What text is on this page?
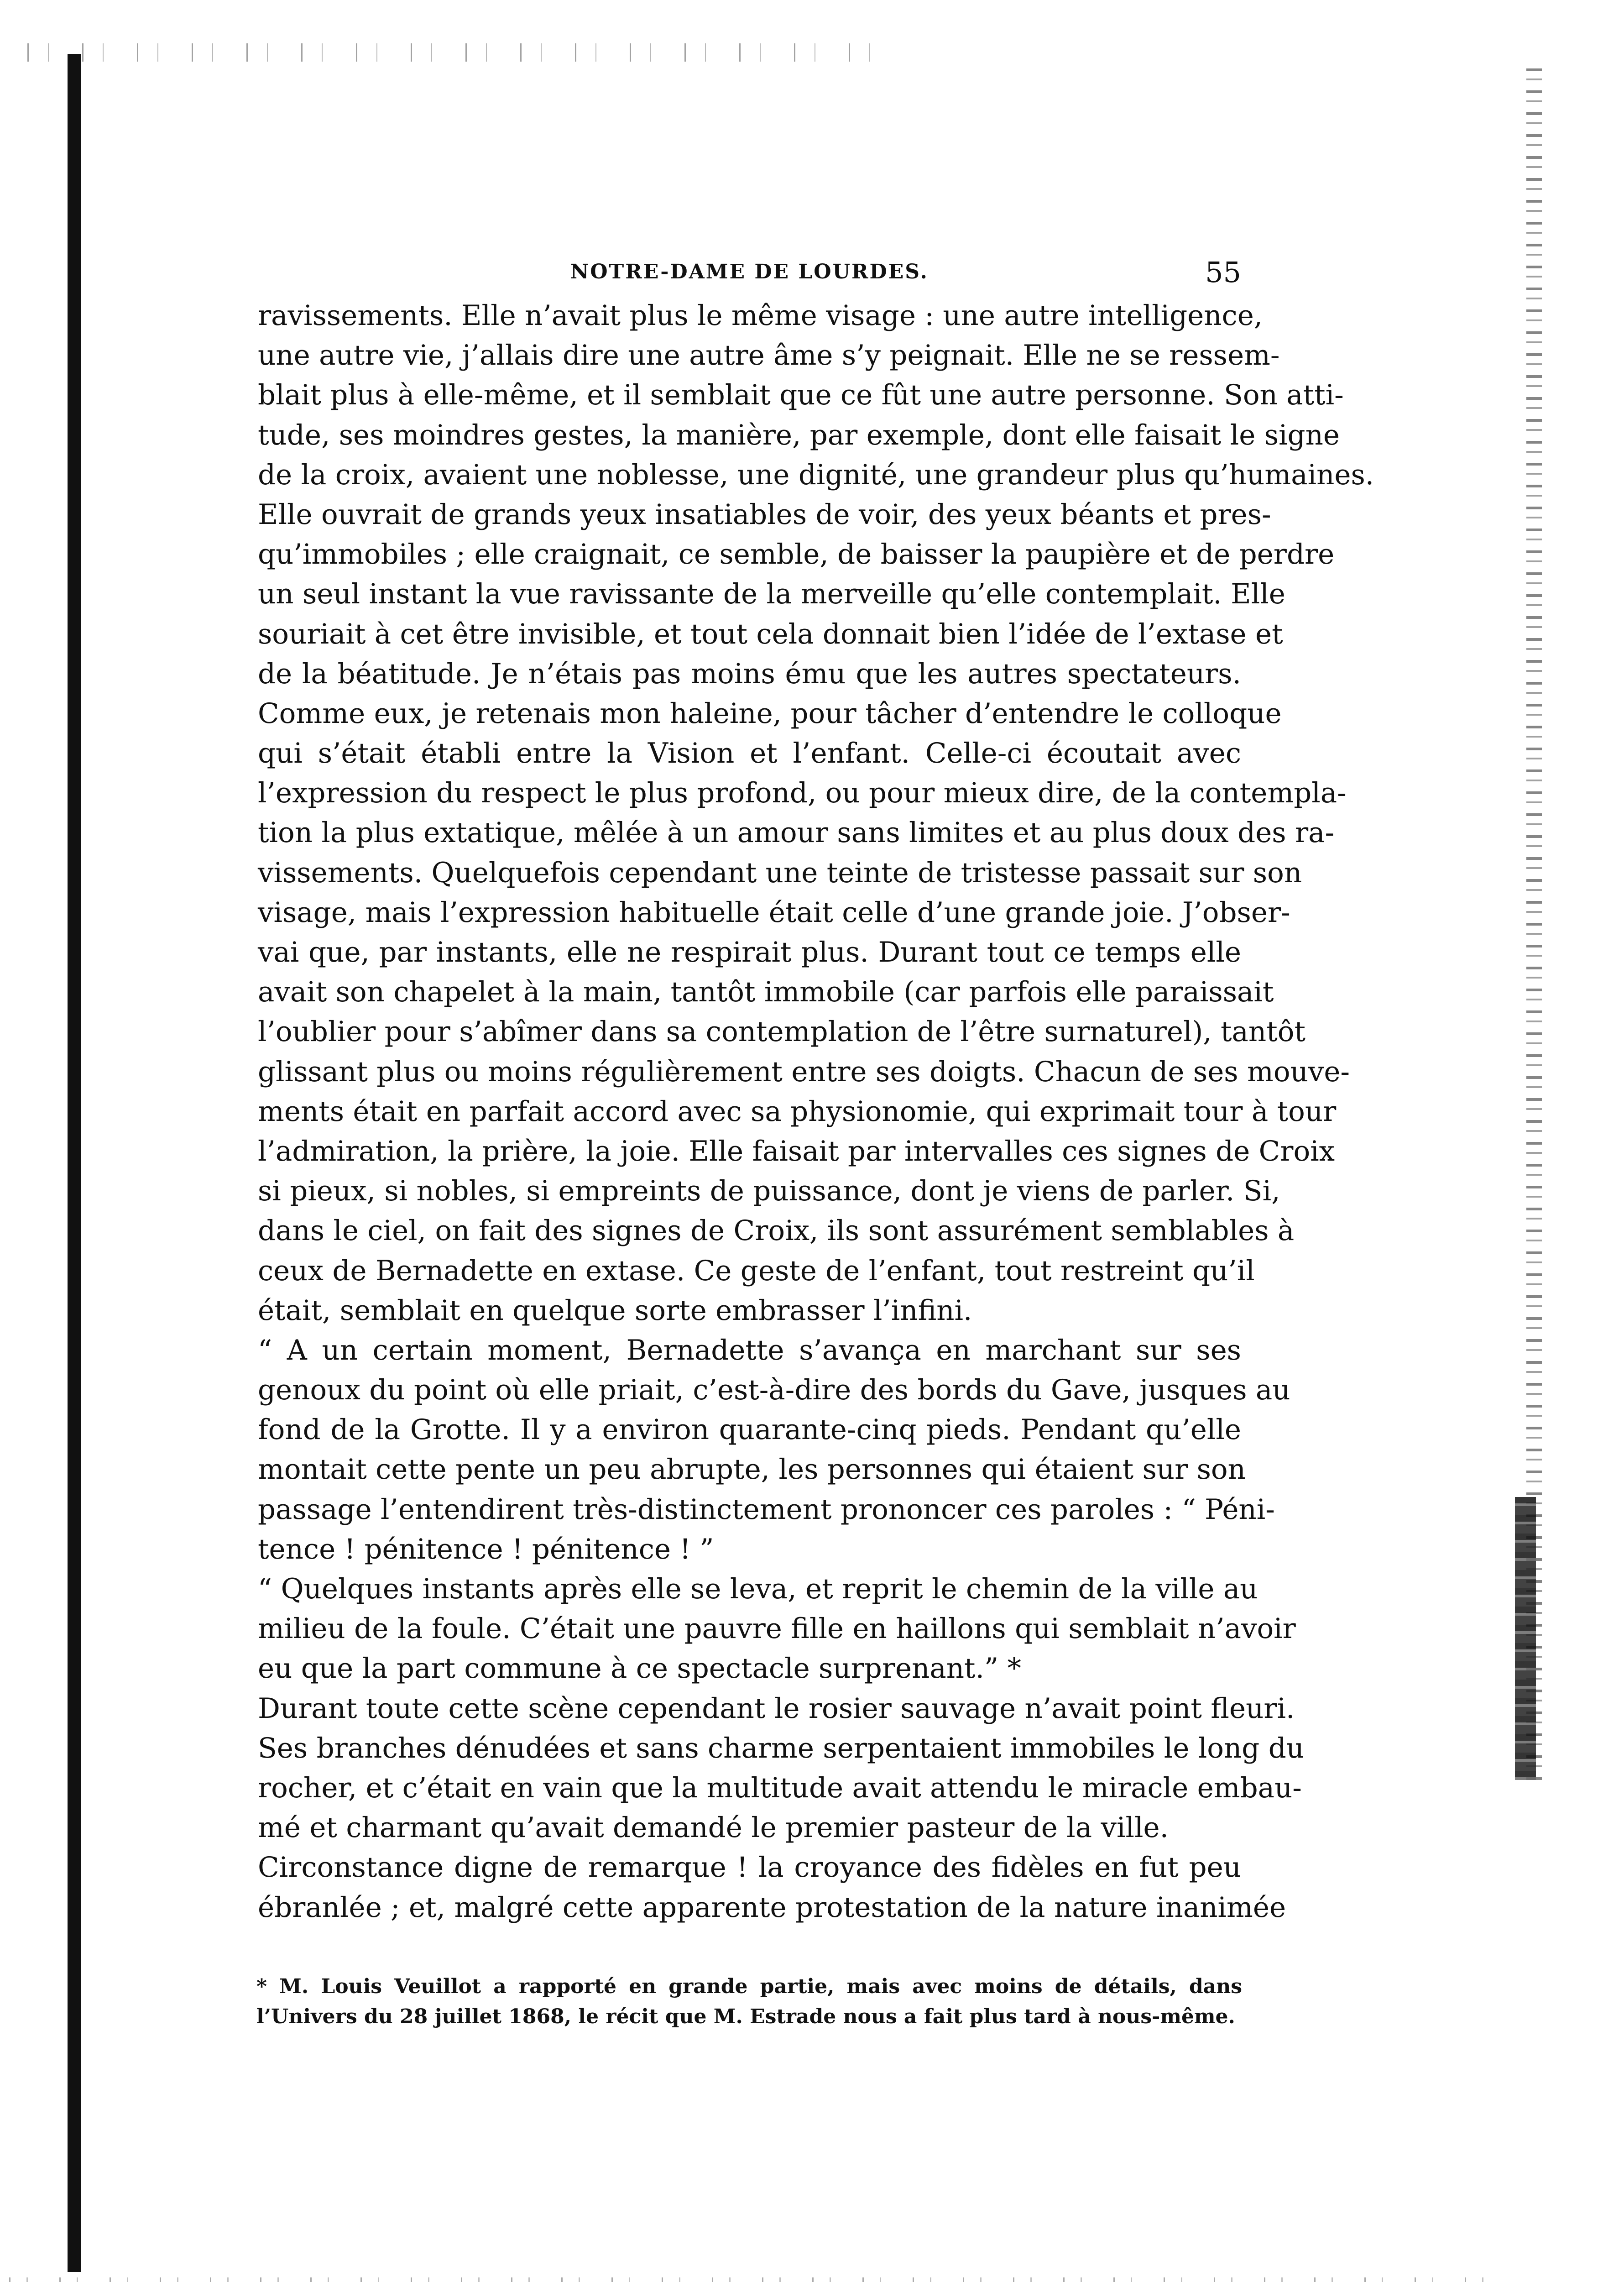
NOTRE-DAME DE LOURDES.	55
ravissements. Elle n’avait plus le même visage : une autre intelligence,
une autre vie, j’allais dire une autre âme s’y peignait. Elle ne se ressem-
blait plus à elle-même, et il semblait que ce fût une autre personne. Son atti-
tude, ses moindres gestes, la manière, par exemple, dont elle faisait le signe
de la croix, avaient une noblesse, une dignité, une grandeur plus qu’humaines.
Elle ouvrait de grands yeux insatiables de voir, des yeux béants et pres-
qu’immobiles ; elle craignait, ce semble, de baisser la paupière et de perdre
un seul instant la vue ravissante de la merveille qu’elle contemplait. Elle
souriait à cet être invisible, et tout cela donnait bien l’idée de l’extase et
de la béatitude. Je n’étais pas moins ému que les autres spectateurs.
Comme eux, je retenais mon haleine, pour tâcher d’entendre le colloque
qui s’était établi entre la Vision et l’enfant. Celle-ci écoutait avec
l’expression du respect le plus profond, ou pour mieux dire, de la contempla-
tion la plus extatique, mêlée à un amour sans limites et au plus doux des ra-
vissements. Quelquefois cependant une teinte de tristesse passait sur son
visage, mais l’expression habituelle était celle d’une grande joie. J’obser-
vai que, par instants, elle ne respirait plus. Durant tout ce temps elle
avait son chapelet à la main, tantôt immobile (car parfois elle paraissait
l’oublier pour s’abîmer dans sa contemplation de l’être surnaturel), tantôt
glissant plus ou moins régulièrement entre ses doigts. Chacun de ses mouve-
ments était en parfait accord avec sa physionomie, qui exprimait tour à tour
l’admiration, la prière, la joie. Elle faisait par intervalles ces signes de Croix
si pieux, si nobles, si empreints de puissance, dont je viens de parler. Si,
dans le ciel, on fait des signes de Croix, ils sont assurément semblables à
ceux de Bernadette en extase. Ce geste de l’enfant, tout restreint qu’il
était, semblait en quelque sorte embrasser l’infini.
“ A un certain moment, Bernadette s’avança en marchant sur ses
genoux du point où elle priait, c’est-à-dire des bords du Gave, jusques au
fond de la Grotte. Il y a environ quarante-cinq pieds. Pendant qu’elle
montait cette pente un peu abrupte, les personnes qui étaient sur son
passage l’entendirent très-distinctement prononcer ces paroles : “ Péni-
tence ! pénitence ! pénitence ! ”
“ Quelques instants après elle se leva, et reprit le chemin de la ville au
milieu de la foule. C’était une pauvre fille en haillons qui semblait n’avoir
eu que la part commune à ce spectacle surprenant.” *
Durant toute cette scène cependant le rosier sauvage n’avait point fleuri.
Ses branches dénudées et sans charme serpentaient immobiles le long du
rocher, et c’était en vain que la multitude avait attendu le miracle embau-
mé et charmant qu’avait demandé le premier pasteur de la ville.
Circonstance digne de remarque ! la croyance des fidèles en fut peu
ébranlée ; et, malgré cette apparente protestation de la nature inanimée
* M. Louis Veuillot a rapporté en grande partie, mais avec moins de détails, dans
l’Univers du 28 juillet 1868, le récit que M. Estrade nous a fait plus tard à nous-même.
